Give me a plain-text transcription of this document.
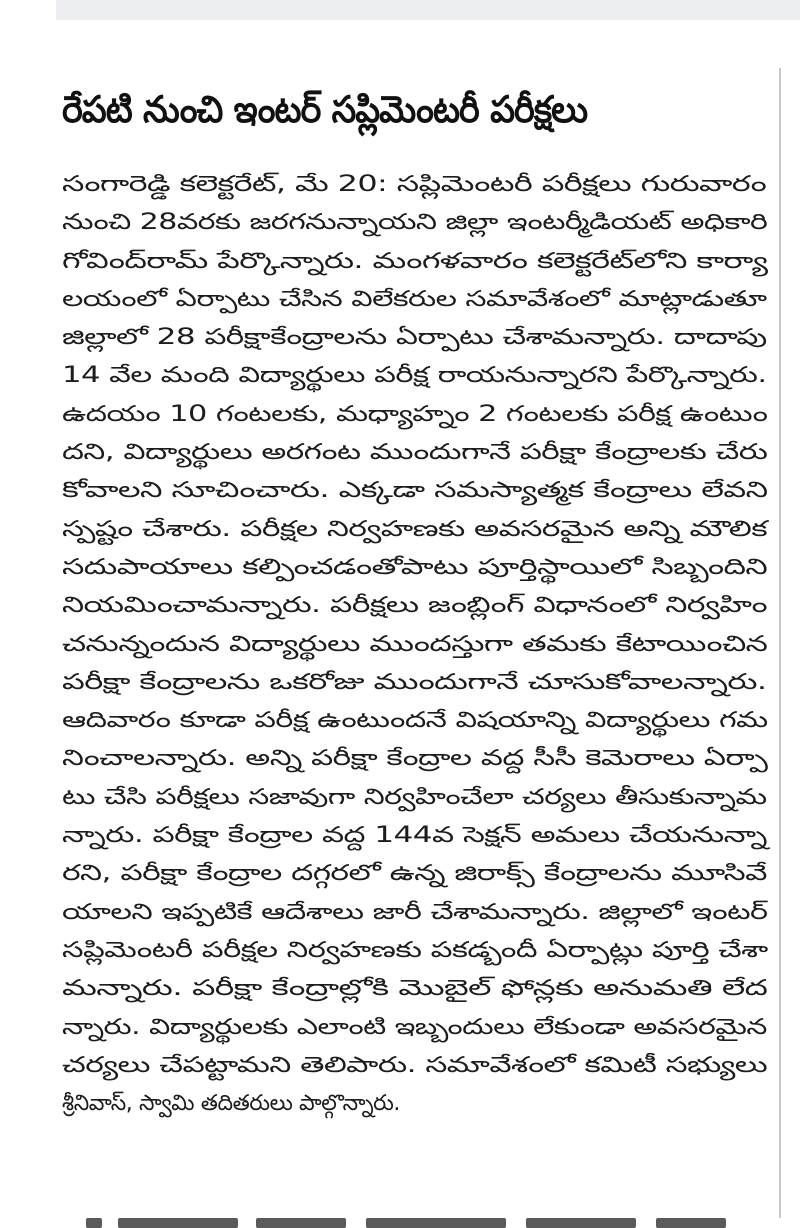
రేపటి నుంచి ఇంటర్ సప్లిమెంటరీ పరీక్షలు
సంగారెడ్డి కలెక్టరేట్, మే 20: సప్లిమెంటరీ పరీక్షలు గురువారం
నుంచి 28వరకు జరగనున్నాయని జిల్లా ఇంటర్మీడియట్ అధికారి
గోవింద్‌రామ్ పేర్కొన్నారు. మంగళవారం కలెక్టరేట్‌లోని కార్యా
లయంలో ఏర్పాటు చేసిన విలేకరుల సమావేశంలో మాట్లాడుతూ
జిల్లాలో 28 పరీక్షాకేంద్రాలను ఏర్పాటు చేశామన్నారు. దాదాపు
14 వేల మంది విద్యార్థులు పరీక్ష రాయనున్నారని పేర్కొన్నారు.
ఉదయం 10 గంటలకు, మధ్యాహ్నం 2 గంటలకు పరీక్ష ఉంటుం
దని, విద్యార్థులు అరగంట ముందుగానే పరీక్షా కేంద్రాలకు చేరు
కోవాలని సూచించారు. ఎక్కడా సమస్యాత్మక కేంద్రాలు లేవని
స్పష్టం చేశారు. పరీక్షల నిర్వహణకు అవసరమైన అన్ని మౌలిక
సదుపాయాలు కల్పించడంతోపాటు పూర్తిస్థాయిలో సిబ్బందిని
నియమించామన్నారు. పరీక్షలు జంబ్లింగ్ విధానంలో నిర్వహిం
చనున్నందున విద్యార్థులు ముందస్తుగా తమకు కేటాయించిన
పరీక్షా కేంద్రాలను ఒకరోజు ముందుగానే చూసుకోవాలన్నారు.
ఆదివారం కూడా పరీక్ష ఉంటుందనే విషయాన్ని విద్యార్థులు గమ
నించాలన్నారు. అన్ని పరీక్షా కేంద్రాల వద్ద సీసీ కెమెరాలు ఏర్పా
టు చేసి పరీక్షలు సజావుగా నిర్వహించేలా చర్యలు తీసుకున్నామ
న్నారు. పరీక్షా కేంద్రాల వద్ద 144వ సెక్షన్ అమలు చేయనున్నా
రని, పరీక్షా కేంద్రాల దగ్గరలో ఉన్న జిరాక్స్ కేంద్రాలను మూసివే
యాలని ఇప్పటికే ఆదేశాలు జారీ చేశామన్నారు. జిల్లాలో ఇంటర్
సప్లిమెంటరీ పరీక్షల నిర్వహణకు పకడ్బందీ ఏర్పాట్లు పూర్తి చేశా
మన్నారు. పరీక్షా కేంద్రాల్లోకి మొబైల్ ఫోన్లకు అనుమతి లేద
న్నారు. విద్యార్థులకు ఎలాంటి ఇబ్బందులు లేకుండా అవసరమైన
చర్యలు చేపట్టామని తెలిపారు. సమావేశంలో కమిటీ సభ్యులు
శ్రీనివాస్, స్వామి తదితరులు పాల్గొన్నారు.
